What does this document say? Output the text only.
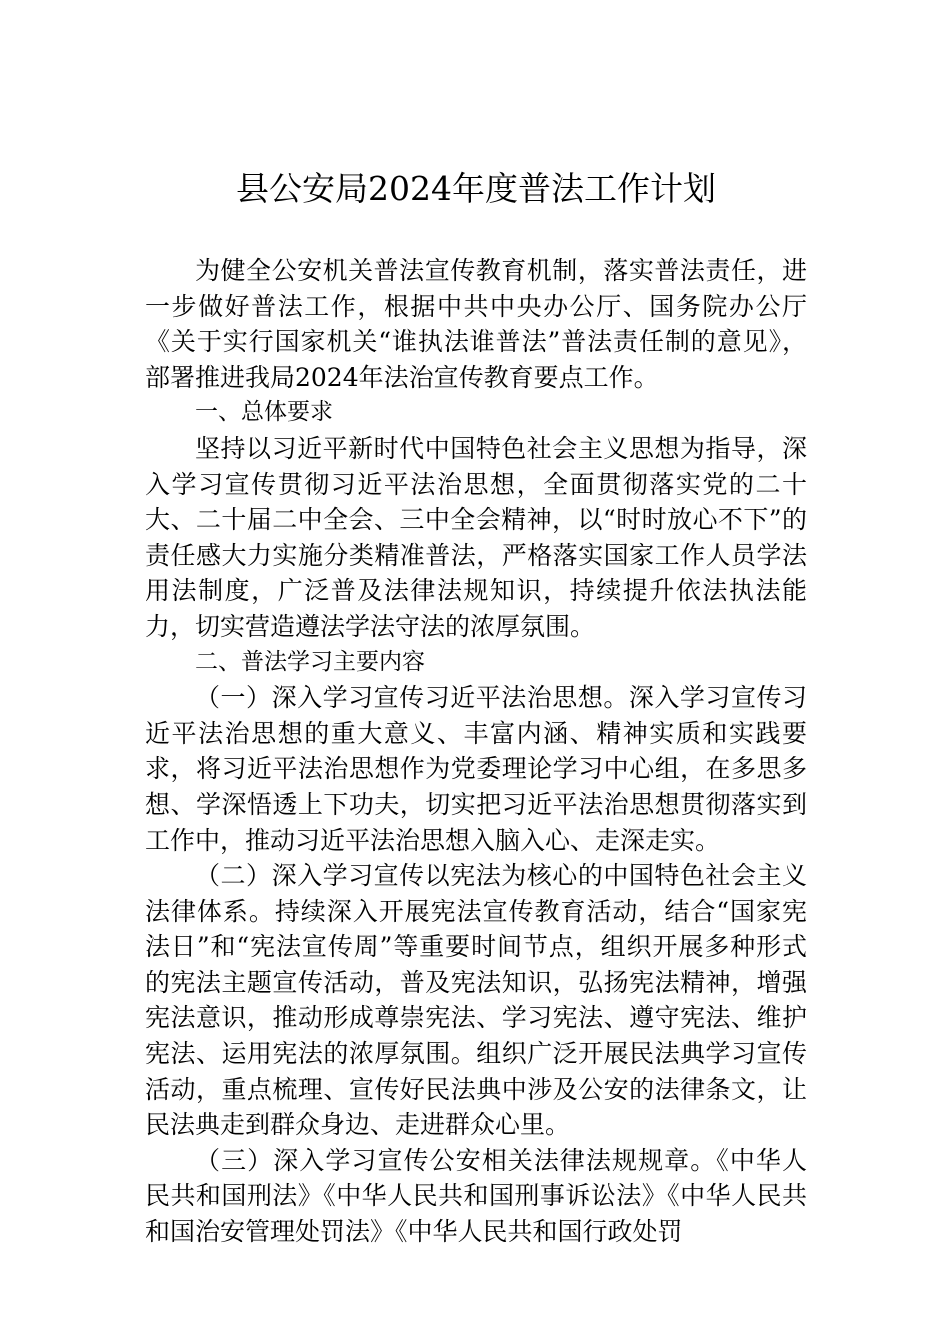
县公安局2024年度普法工作计划

为健全公安机关普法宣传教育机制，落实普法责任，进一步做好普法工作，根据中共中央办公厅、国务院办公厅《关于实行国家机关“谁执法谁普法”普法责任制的意见》，部署推进我局2024年法治宣传教育要点工作。

一、总体要求

坚持以习近平新时代中国特色社会主义思想为指导，深入学习宣传贯彻习近平法治思想，全面贯彻落实党的二十大、二十届二中全会、三中全会精神，以“时时放心不下”的责任感大力实施分类精准普法，严格落实国家工作人员学法用法制度，广泛普及法律法规知识，持续提升依法执法能力，切实营造遵法学法守法的浓厚氛围。

二、普法学习主要内容

（一）深入学习宣传习近平法治思想。深入学习宣传习近平法治思想的重大意义、丰富内涵、精神实质和实践要求，将习近平法治思想作为党委理论学习中心组，在多思多想、学深悟透上下功夫，切实把习近平法治思想贯彻落实到工作中，推动习近平法治思想入脑入心、走深走实。

（二）深入学习宣传以宪法为核心的中国特色社会主义法律体系。持续深入开展宪法宣传教育活动，结合“国家宪法日”和“宪法宣传周”等重要时间节点，组织开展多种形式的宪法主题宣传活动，普及宪法知识，弘扬宪法精神，增强宪法意识，推动形成尊崇宪法、学习宪法、遵守宪法、维护宪法、运用宪法的浓厚氛围。组织广泛开展民法典学习宣传活动，重点梳理、宣传好民法典中涉及公安的法律条文，让民法典走到群众身边、走进群众心里。

（三）深入学习宣传公安相关法律法规规章。《中华人民共和国刑法》《中华人民共和国刑事诉讼法》《中华人民共和国治安管理处罚法》《中华人民共和国行政处罚
